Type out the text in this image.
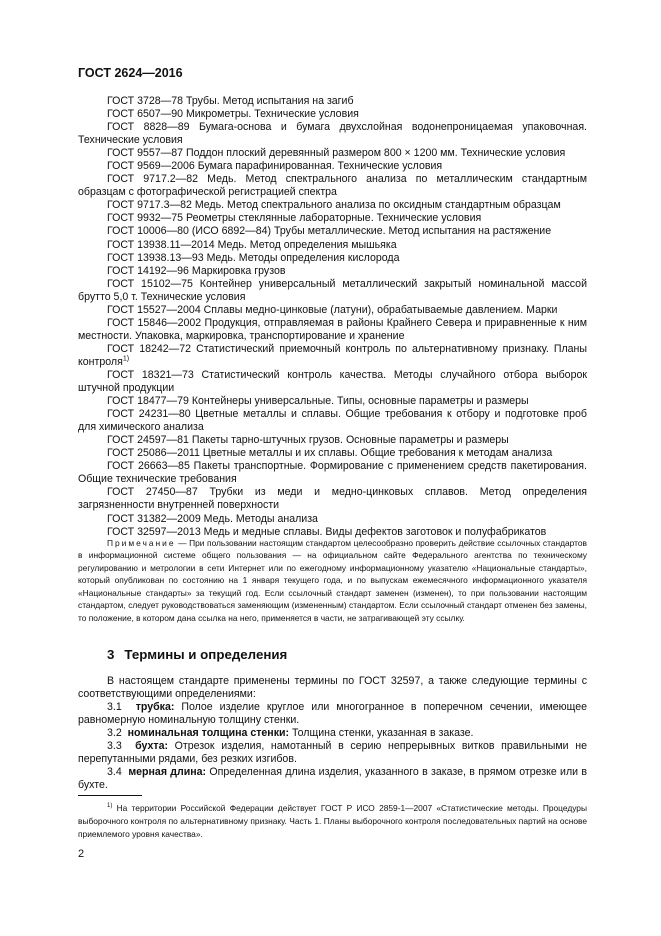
ГОСТ 2624—2016

ГОСТ 3728—78 Трубы. Метод испытания на загиб

ГОСТ 6507—90 Микрометры. Технические условия

ГОСТ 8828—89 Бумага-основа и бумага двухслойная водонепроницаемая упаковочная. Технические условия

ГОСТ 9557—87 Поддон плоский деревянный размером 800 × 1200 мм. Технические условия

ГОСТ 9569—2006 Бумага парафинированная. Технические условия

ГОСТ 9717.2—82 Медь. Метод спектрального анализа по металлическим стандартным образцам с фотографической регистрацией спектра

ГОСТ 9717.3—82 Медь. Метод спектрального анализа по оксидным стандартным образцам

ГОСТ 9932—75 Реометры стеклянные лабораторные. Технические условия

ГОСТ 10006—80 (ИСО 6892—84) Трубы металлические. Метод испытания на растяжение

ГОСТ 13938.11—2014 Медь. Метод определения мышьяка

ГОСТ 13938.13—93 Медь. Методы определения кислорода

ГОСТ 14192—96 Маркировка грузов

ГОСТ 15102—75 Контейнер универсальный металлический закрытый номинальной массой брутто 5,0 т. Технические условия

ГОСТ 15527—2004 Сплавы медно-цинковые (латуни), обрабатываемые давлением. Марки

ГОСТ 15846—2002 Продукция, отправляемая в районы Крайнего Севера и приравненные к ним местности. Упаковка, маркировка, транспортирование и хранение

ГОСТ 18242—72 Статистический приемочный контроль по альтернативному признаку. Планы контроля$^{1)}$

ГОСТ 18321—73 Статистический контроль качества. Методы случайного отбора выборок штучной продукции

ГОСТ 18477—79 Контейнеры универсальные. Типы, основные параметры и размеры

ГОСТ 24231—80 Цветные металлы и сплавы. Общие требования к отбору и подготовке проб для химического анализа

ГОСТ 24597—81 Пакеты тарно-штучных грузов. Основные параметры и размеры

ГОСТ 25086—2011 Цветные металлы и их сплавы. Общие требования к методам анализа

ГОСТ 26663—85 Пакеты транспортные. Формирование с применением средств пакетирования. Общие технические требования

ГОСТ 27450—87 Трубки из меди и медно-цинковых сплавов. Метод определения загрязненности внутренней поверхности

ГОСТ 31382—2009 Медь. Методы анализа

ГОСТ 32597—2013 Медь и медные сплавы. Виды дефектов заготовок и полуфабрикатов

Примечание — При пользовании настоящим стандартом целесообразно проверить действие ссылочных стандартов в информационной системе общего пользования — на официальном сайте Федерального агентства по техническому регулированию и метрологии в сети Интернет или по ежегодному информационному указателю «Национальные стандарты», который опубликован по состоянию на 1 января текущего года, и по выпускам ежемесячного информационного указателя «Национальные стандарты» за текущий год. Если ссылочный стандарт заменен (изменен), то при пользовании настоящим стандартом, следует руководствоваться заменяющим (измененным) стандартом. Если ссылочный стандарт отменен без замены, то положение, в котором дана ссылка на него, применяется в части, не затрагивающей эту ссылку.

3 Термины и определения

В настоящем стандарте применены термины по ГОСТ 32597, а также следующие термины с соответствующими определениями:

3.1 трубка: Полое изделие круглое или многогранное в поперечном сечении, имеющее равномерную номинальную толщину стенки.

3.2 номинальная толщина стенки: Толщина стенки, указанная в заказе.

3.3 бухта: Отрезок изделия, намотанный в серию непрерывных витков правильными не перепутанными рядами, без резких изгибов.

3.4 мерная длина: Определенная длина изделия, указанного в заказе, в прямом отрезке или в бухте.

$^{1)}$ На территории Российской Федерации действует ГОСТ Р ИСО 2859-1—2007 «Статистические методы. Процедуры выборочного контроля по альтернативному признаку. Часть 1. Планы выборочного контроля последовательных партий на основе приемлемого уровня качества».

2
